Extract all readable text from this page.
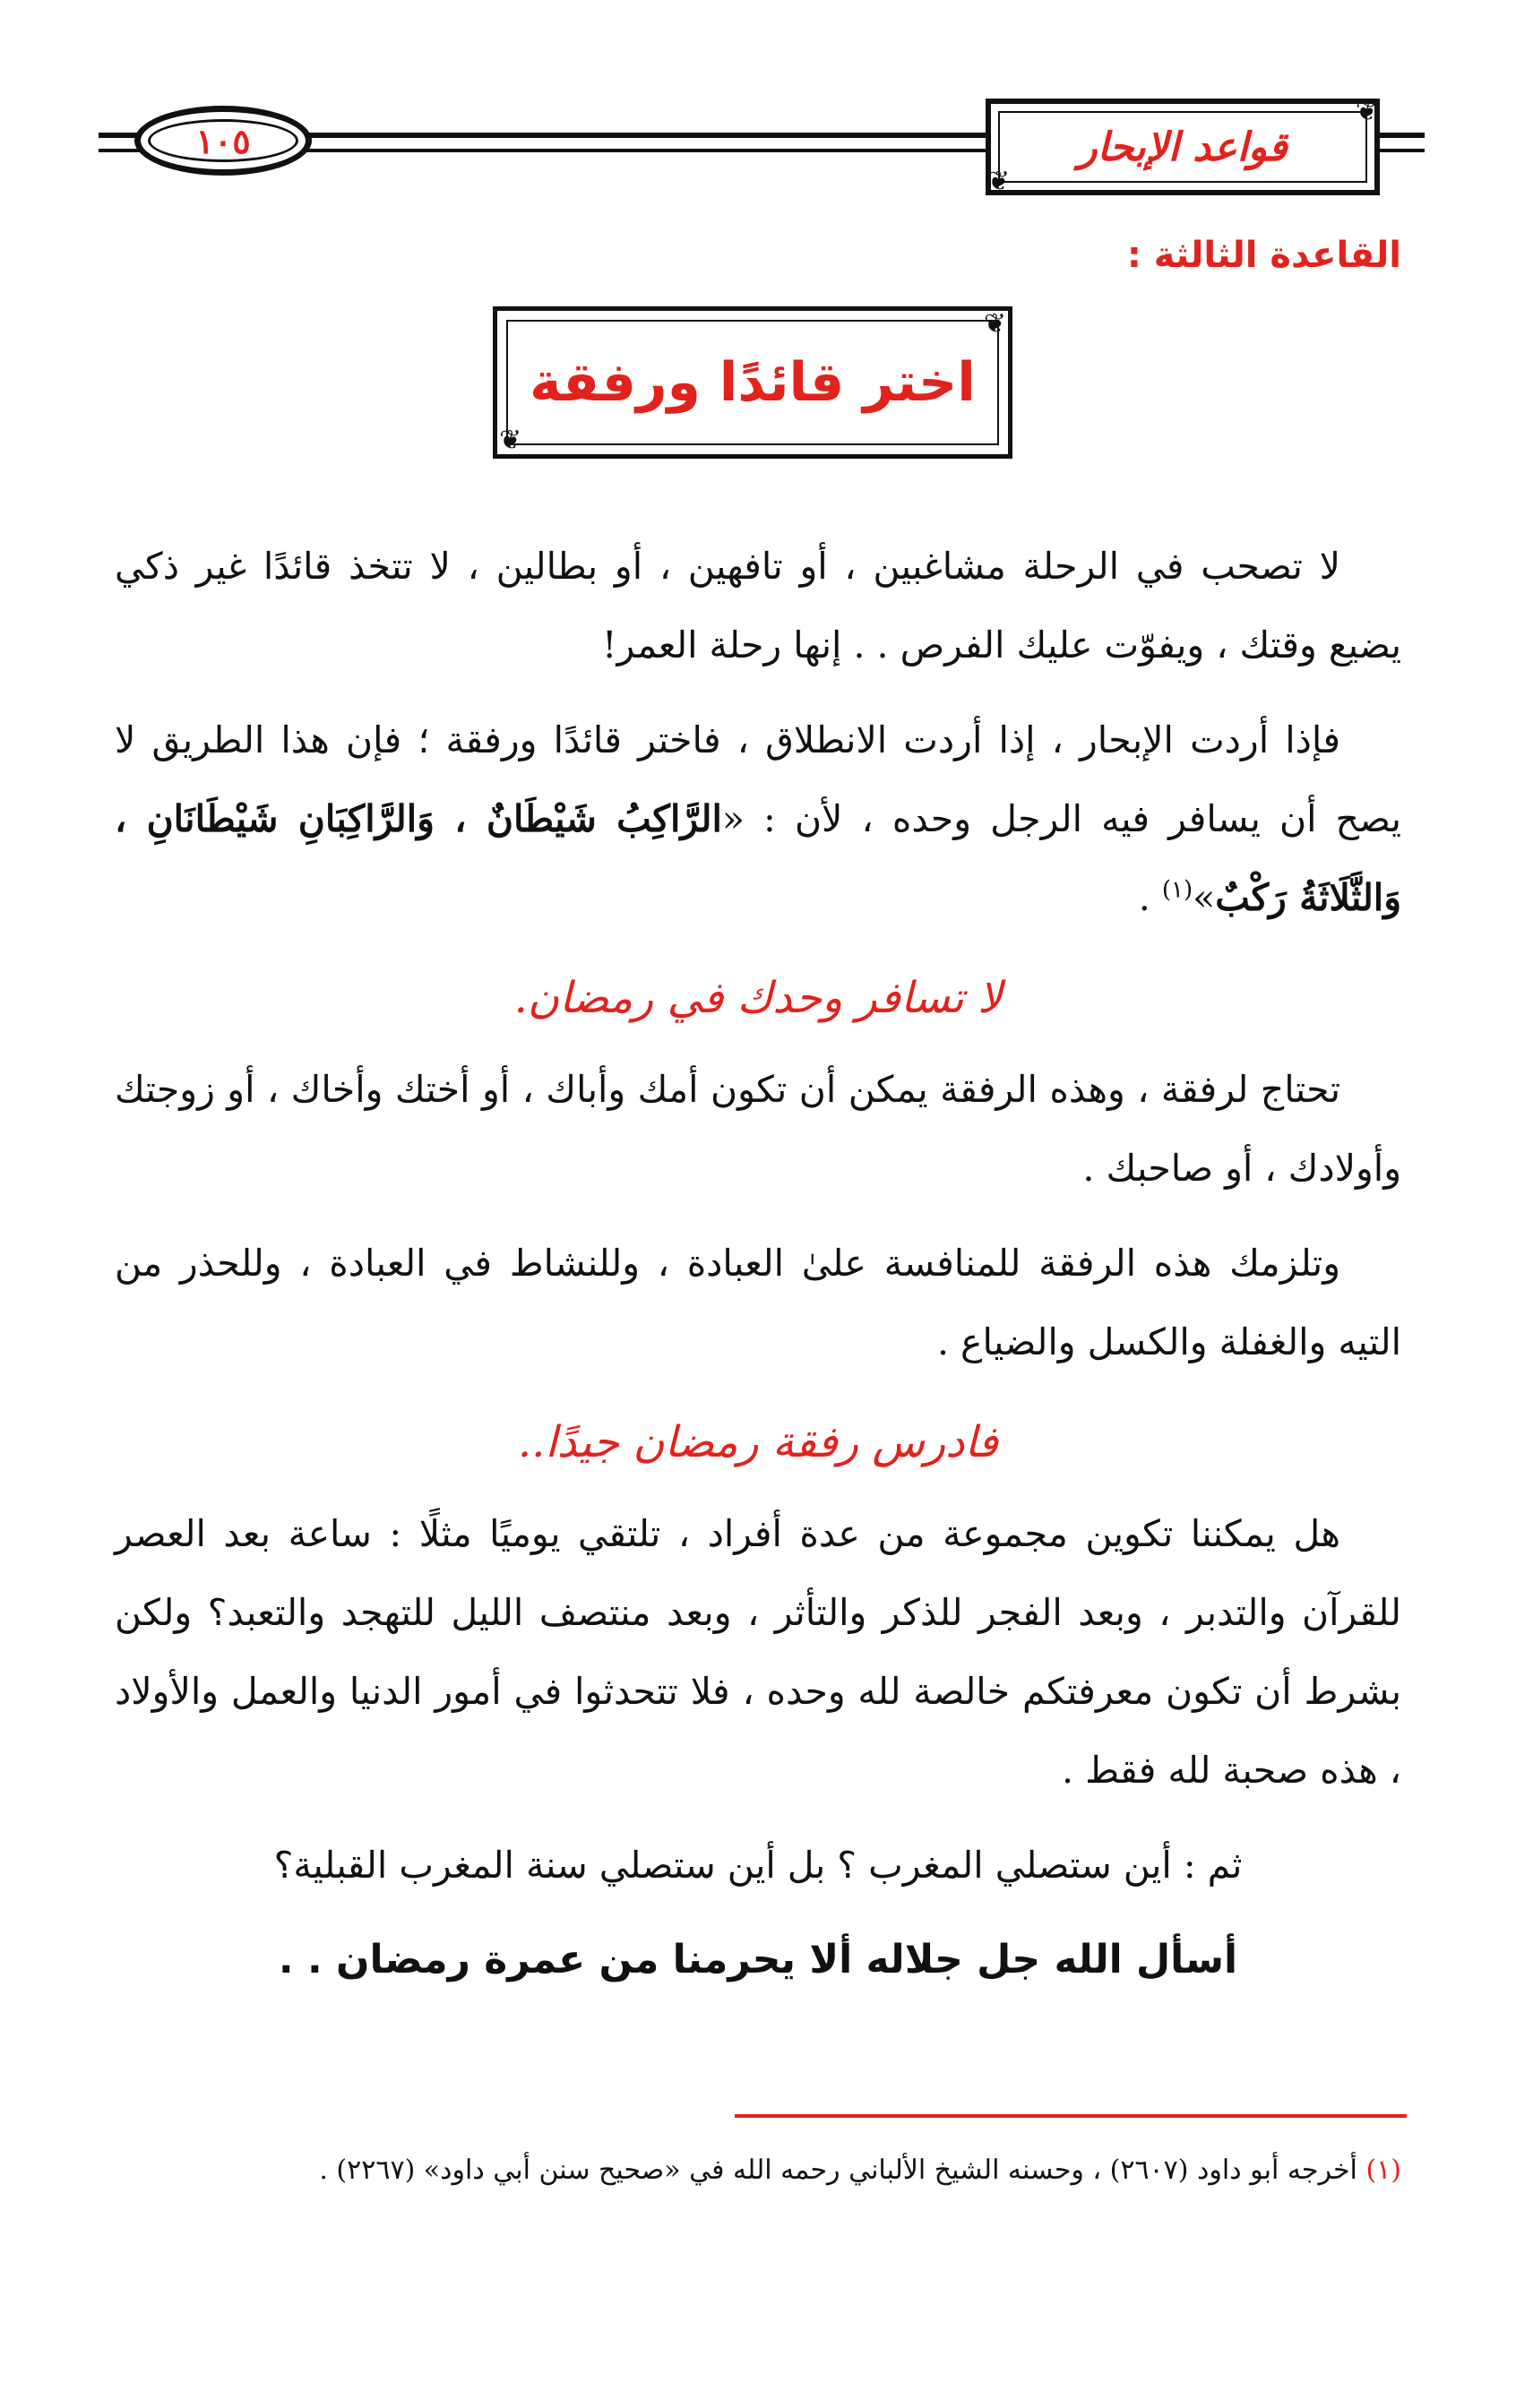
١٠٥
❦
❦
قواعد الإبحار
القاعدة الثالثة :
❦
❦
اختر قائدًا ورفقة

لا تصحب في الرحلة مشاغبين ، أو تافهين ، أو بطالين ، لا تتخذ قائدًا غير ذكي يضيع وقتك ، ويفوّت عليك الفرص . . إنها رحلة العمر!

فإذا أردت الإبحار ، إذا أردت الانطلاق ، فاختر قائدًا ورفقة ؛ فإن هذا الطريق لا يصح أن يسافر فيه الرجل وحده ، لأن : «الرَّاكِبُ شَيْطَانٌ ، وَالرَّاكِبَانِ شَيْطَانَانِ ، وَالثَّلَاثَةُ رَكْبٌ»$^{(١)}$ .

لا تسافر وحدك في رمضان.

تحتاج لرفقة ، وهذه الرفقة يمكن أن تكون أمك وأباك ، أو أختك وأخاك ، أو زوجتك وأولادك ، أو صاحبك .

وتلزمك هذه الرفقة للمنافسة علىٰ العبادة ، وللنشاط في العبادة ، وللحذر من التيه والغفلة والكسل والضياع .

فادرس رفقة رمضان جيدًا..

هل يمكننا تكوين مجموعة من عدة أفراد ، تلتقي يوميًا مثلًا : ساعة بعد العصر للقرآن والتدبر ، وبعد الفجر للذكر والتأثر ، وبعد منتصف الليل للتهجد والتعبد؟ ولكن بشرط أن تكون معرفتكم خالصة لله وحده ، فلا تتحدثوا في أمور الدنيا والعمل والأولاد ، هذه صحبة لله فقط .

ثم : أين ستصلي المغرب ؟ بل أين ستصلي سنة المغرب القبلية؟

أسأل الله جل جلاله ألا يحرمنا من عمرة رمضان . .

(١) أخرجه أبو داود (٢٦٠٧) ، وحسنه الشيخ الألباني رحمه الله في «صحيح سنن أبي داود» (٢٢٦٧) .
